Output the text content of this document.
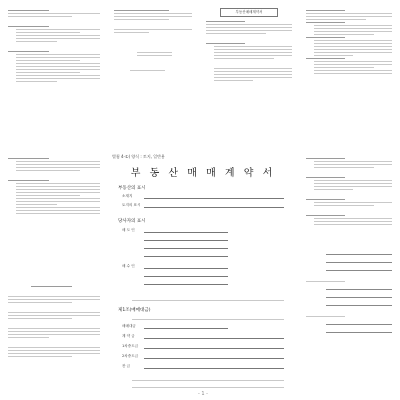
부동산매매계약서
별첨 4-①) 양식 : 토지, 일반용
부 동 산 매 매 계 약 서
부동산의 표시
소재지
토지의 표시
당사자의 표시
매 도 인
매 수 인
제1조(매매대금)
매매대금
계 약 금
1차중도금
2차중도금
잔 금
- 1 -
